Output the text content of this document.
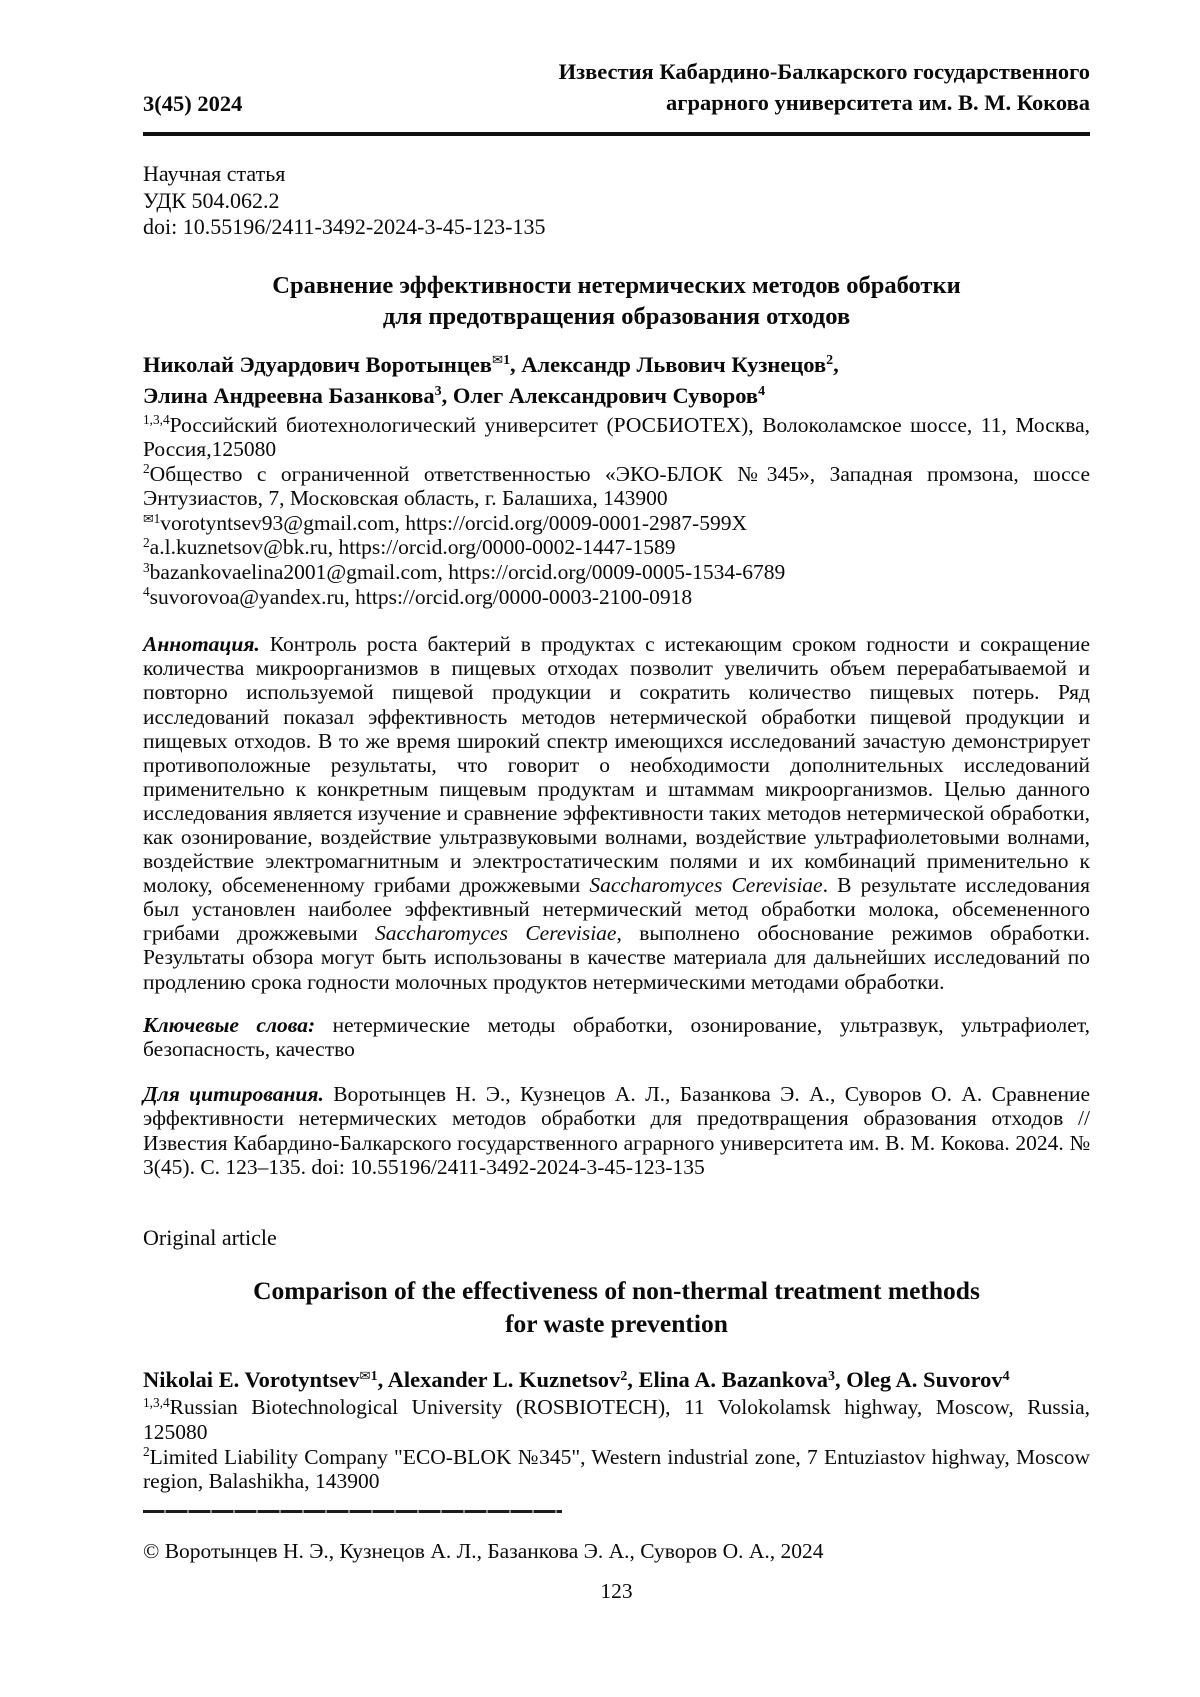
3(45) 2024
Известия Кабардино-Балкарского государственного
аграрного университета им. В. М. Кокова
Научная статья
УДК 504.062.2
doi: 10.55196/2411-3492-2024-3-45-123-135
Сравнение эффективности нетермических методов обработки
для предотвращения образования отходов
Николай Эдуардович Воротынцев$^{✉1}$, Александр Львович Кузнецов$^2$,
Элина Андреевна Базанкова$^3$, Олег Александрович Суворов$^4$
$^{1,3,4}$Российский биотехнологический университет (РОСБИОТЕХ), Волоколамское шоссе, 11, Москва, Россия,125080
$^2$Общество с ограниченной ответственностью «ЭКО-БЛОК №345», Западная промзона, шоссе Энтузиастов, 7, Московская область, г. Балашиха, 143900
$^{✉1}$vorotyntsev93@gmail.com, https://orcid.org/0009-0001-2987-599X
$^2$a.l.kuznetsov@bk.ru, https://orcid.org/0000-0002-1447-1589
$^3$bazankovaelina2001@gmail.com, https://orcid.org/0009-0005-1534-6789
$^4$suvorovoa@yandex.ru, https://orcid.org/0000-0003-2100-0918
Аннотация. Контроль роста бактерий в продуктах с истекающим сроком годности и сокращение количества микроорганизмов в пищевых отходах позволит увеличить объем перерабатываемой и повторно используемой пищевой продукции и сократить количество пищевых потерь. Ряд исследований показал эффективность методов нетермической обработки пищевой продукции и пищевых отходов. В то же время широкий спектр имеющихся исследований зачастую демонстрирует противоположные результаты, что говорит о необходимости дополнительных исследований применительно к конкретным пищевым продуктам и штаммам микроорганизмов. Целью данного исследования является изучение и сравнение эффективности таких методов нетермической обработки, как озонирование, воздействие ультразвуковыми волнами, воздействие ультрафиолетовыми волнами, воздействие электромагнитным и электростатическим полями и их комбинаций применительно к молоку, обсемененному грибами дрожжевыми Saccharomyces Cerevisiae. В результате исследования был установлен наиболее эффективный нетермический метод обработки молока, обсемененного грибами дрожжевыми Saccharomyces Cerevisiae, выполнено обоснование режимов обработки. Результаты обзора могут быть использованы в качестве материала для дальнейших исследований по продлению срока годности молочных продуктов нетермическими методами обработки.
Ключевые слова: нетермические методы обработки, озонирование, ультразвук, ультрафиолет, безопасность, качество
Для цитирования. Воротынцев Н. Э., Кузнецов А. Л., Базанкова Э. А., Суворов О. А. Сравнение эффективности нетермических методов обработки для предотвращения образования отходов // Известия Кабардино-Балкарского государственного аграрного университета им. В. М. Кокова. 2024. № 3(45). С. 123–135. doi: 10.55196/2411-3492-2024-3-45-123-135
Original article
Comparison of the effectiveness of non-thermal treatment methods
for waste prevention
Nikolai E. Vorotyntsev$^{✉1}$, Alexander L. Kuznetsov$^2$, Elina A. Bazankova$^3$, Oleg A. Suvorov$^4$
$^{1,3,4}$Russian Biotechnological University (ROSBIOTECH), 11 Volokolamsk highway, Moscow, Russia, 125080
$^2$Limited Liability Company "ECO-BLOK №345", Western industrial zone, 7 Entuziastov highway, Moscow region, Balashikha, 143900
© Воротынцев Н. Э., Кузнецов А. Л., Базанкова Э. А., Суворов О. А., 2024
123
